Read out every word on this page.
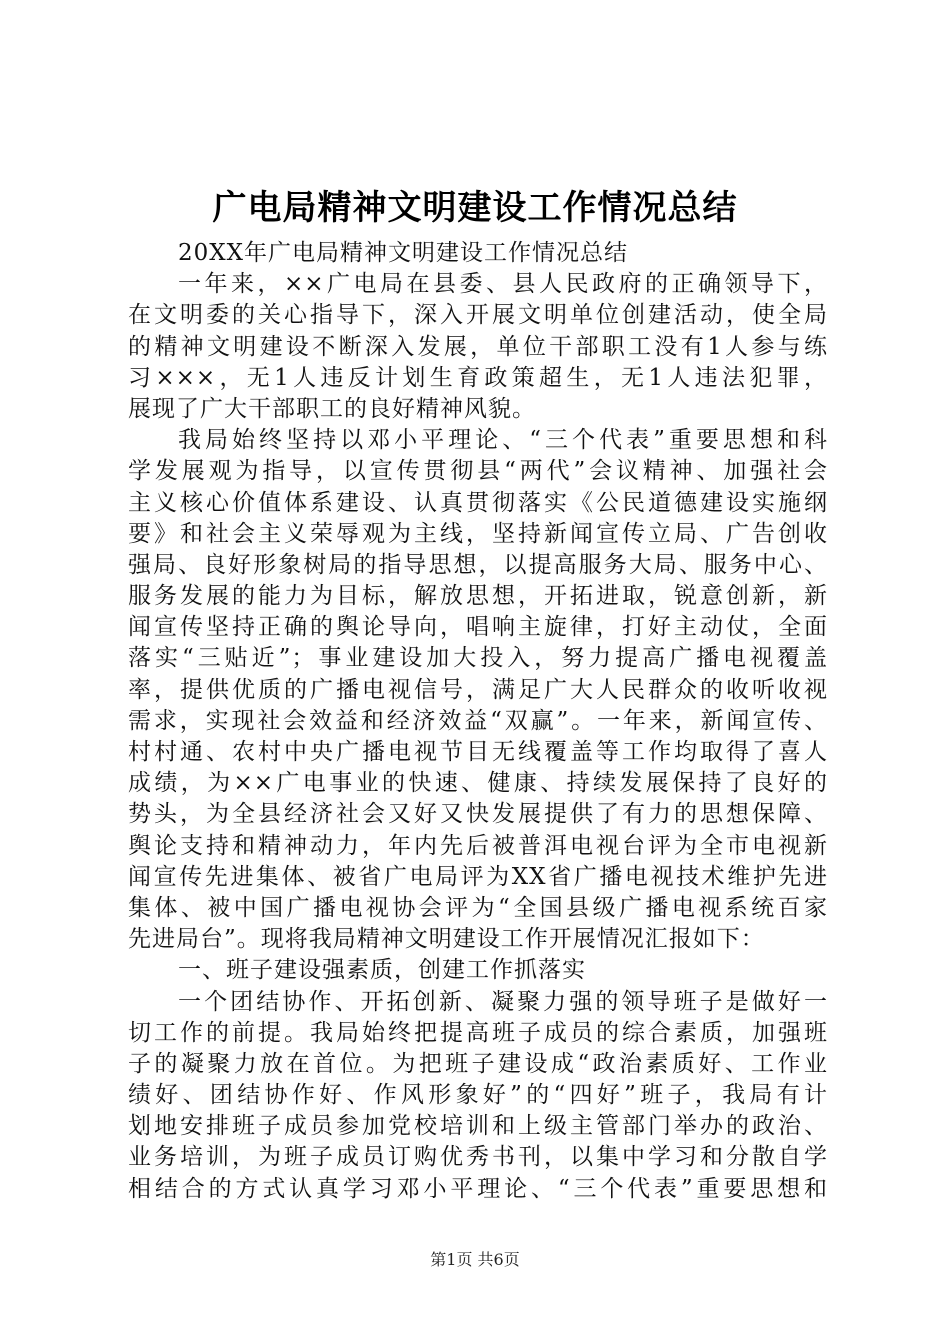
广电局精神文明建设工作情况总结
20XX年广电局精神文明建设工作情况总结
一年来，××广电局在县委、县人民政府的正确领导下，
在文明委的关心指导下，深入开展文明单位创建活动，使全局
的精神文明建设不断深入发展，单位干部职工没有1人参与练
习×××，无1人违反计划生育政策超生，无1人违法犯罪，
展现了广大干部职工的良好精神风貌。
我局始终坚持以邓小平理论、“三个代表”重要思想和科
学发展观为指导，以宣传贯彻县“两代”会议精神、加强社会
主义核心价值体系建设、认真贯彻落实《公民道德建设实施纲
要》和社会主义荣辱观为主线，坚持新闻宣传立局、广告创收
强局、良好形象树局的指导思想，以提高服务大局、服务中心、
服务发展的能力为目标，解放思想，开拓进取，锐意创新，新
闻宣传坚持正确的舆论导向，唱响主旋律，打好主动仗，全面
落实“三贴近”；事业建设加大投入，努力提高广播电视覆盖
率，提供优质的广播电视信号，满足广大人民群众的收听收视
需求，实现社会效益和经济效益“双赢”。一年来，新闻宣传、
村村通、农村中央广播电视节目无线覆盖等工作均取得了喜人
成绩，为××广电事业的快速、健康、持续发展保持了良好的
势头，为全县经济社会又好又快发展提供了有力的思想保障、
舆论支持和精神动力，年内先后被普洱电视台评为全市电视新
闻宣传先进集体、被省广电局评为XX省广播电视技术维护先进
集体、被中国广播电视协会评为“全国县级广播电视系统百家
先进局台”。现将我局精神文明建设工作开展情况汇报如下：
一、班子建设强素质，创建工作抓落实
一个团结协作、开拓创新、凝聚力强的领导班子是做好一
切工作的前提。我局始终把提高班子成员的综合素质，加强班
子的凝聚力放在首位。为把班子建设成“政治素质好、工作业
绩好、团结协作好、作风形象好”的“四好”班子，我局有计
划地安排班子成员参加党校培训和上级主管部门举办的政治、
业务培训，为班子成员订购优秀书刊，以集中学习和分散自学
相结合的方式认真学习邓小平理论、“三个代表”重要思想和
第1页 共6页
